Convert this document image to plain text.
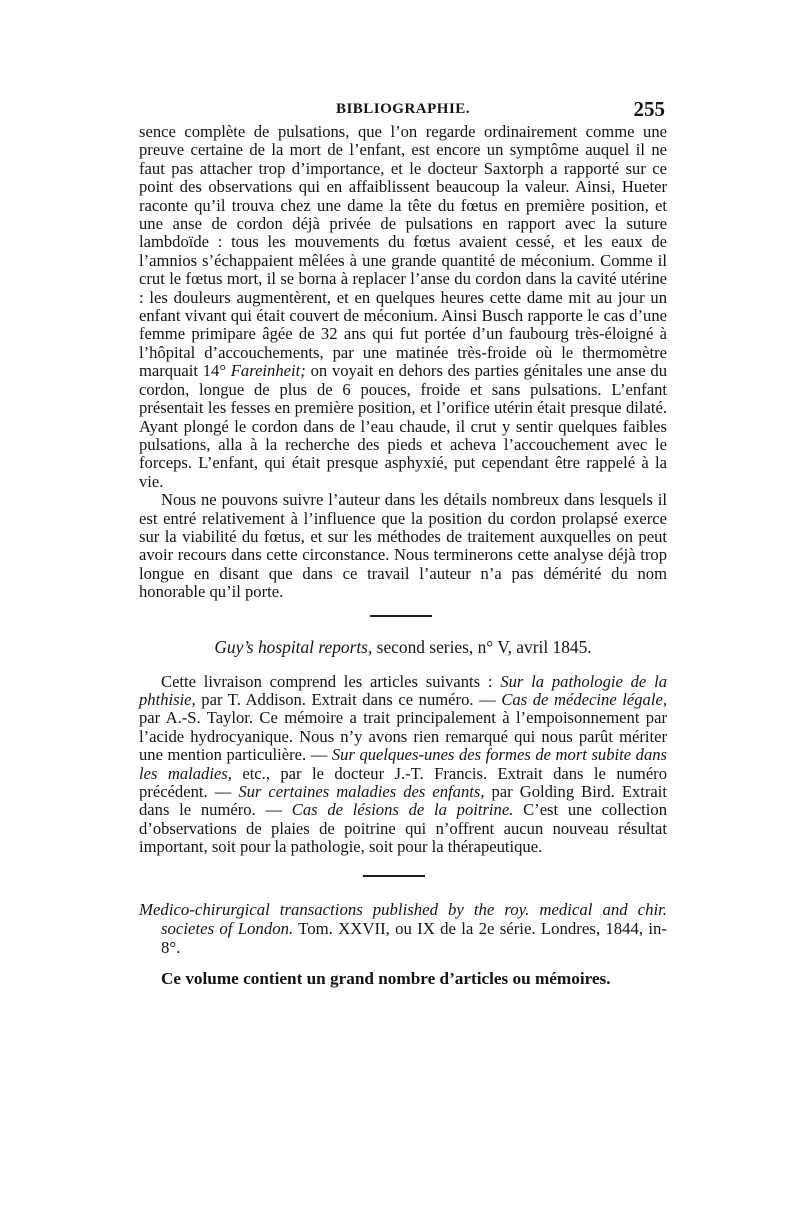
BIBLIOGRAPHIE.	255

sence complète de pulsations, que l’on regarde ordinairement comme une preuve certaine de la mort de l’enfant, est encore un symptôme auquel il ne faut pas attacher trop d’importance, et le docteur Saxtorph a rapporté sur ce point des observations qui en affaiblissent beaucoup la valeur. Ainsi, Hueter raconte qu’il trouva chez une dame la tête du fœtus en première position, et une anse de cordon déjà privée de pulsations en rapport avec la suture lambdoïde : tous les mouvements du fœtus avaient cessé, et les eaux de l’amnios s’échappaient mêlées à une grande quantité de méconium. Comme il crut le fœtus mort, il se borna à replacer l’anse du cordon dans la cavité utérine : les douleurs augmentèrent, et en quelques heures cette dame mit au jour un enfant vivant qui était couvert de méconium. Ainsi Busch rapporte le cas d’une femme primipare âgée de 32 ans qui fut portée d’un faubourg très-éloigné à l’hôpital d’accouchements, par une matinée très-froide où le thermomètre marquait 14° Fareinheit; on voyait en dehors des parties génitales une anse du cordon, longue de plus de 6 pouces, froide et sans pulsations. L’enfant présentait les fesses en première position, et l’orifice utérin était presque dilaté. Ayant plongé le cordon dans de l’eau chaude, il crut y sentir quelques faibles pulsations, alla à la recherche des pieds et acheva l’accouchement avec le forceps. L’enfant, qui était presque asphyxié, put cependant être rappelé à la vie.

Nous ne pouvons suivre l’auteur dans les détails nombreux dans lesquels il est entré relativement à l’influence que la position du cordon prolapsé exerce sur la viabilité du fœtus, et sur les méthodes de traitement auxquelles on peut avoir recours dans cette circonstance. Nous terminerons cette analyse déjà trop longue en disant que dans ce travail l’auteur n’a pas démérité du nom honorable qu’il porte.

Guy’s hospital reports, second series, n° V, avril 1845.

Cette livraison comprend les articles suivants : Sur la pathologie de la phthisie, par T. Addison. Extrait dans ce numéro. — Cas de médecine légale, par A.-S. Taylor. Ce mémoire a trait principalement à l’empoisonnement par l’acide hydrocyanique. Nous n’y avons rien remarqué qui nous parût mériter une mention particulière. — Sur quelques-unes des formes de mort subite dans les maladies, etc., par le docteur J.-T. Francis. Extrait dans le numéro précédent. — Sur certaines maladies des enfants, par Golding Bird. Extrait dans le numéro. — Cas de lésions de la poitrine. C’est une collection d’observations de plaies de poitrine qui n’offrent aucun nouveau résultat important, soit pour la pathologie, soit pour la thérapeutique.

Medico-chirurgical transactions published by the roy. medical and chir. societes of London. Tom. XXVII, ou IX de la 2e série. Londres, 1844, in-8°.
Ce volume contient un grand nombre d’articles ou mémoires.
